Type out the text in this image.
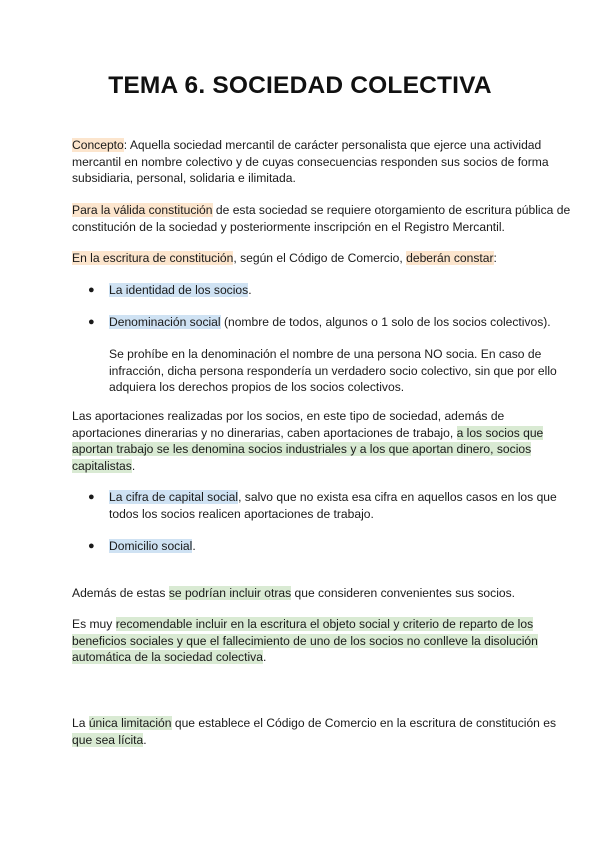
TEMA 6. SOCIEDAD COLECTIVA

Concepto: Aquella sociedad mercantil de carácter personalista que ejerce una actividad mercantil en nombre colectivo y de cuyas consecuencias responden sus socios de forma subsidiaria, personal, solidaria e ilimitada.

Para la válida constitución de esta sociedad se requiere otorgamiento de escritura pública de constitución de la sociedad y posteriormente inscripción en el Registro Mercantil.

En la escritura de constitución, según el Código de Comercio, deberán constar:

● La identidad de los socios.

● Denominación social (nombre de todos, algunos o 1 solo de los socios colectivos).

Se prohíbe en la denominación el nombre de una persona NO socia. En caso de infracción, dicha persona respondería un verdadero socio colectivo, sin que por ello adquiera los derechos propios de los socios colectivos.

Las aportaciones realizadas por los socios, en este tipo de sociedad, además de aportaciones dinerarias y no dinerarias, caben aportaciones de trabajo, a los socios que aportan trabajo se les denomina socios industriales y a los que aportan dinero, socios capitalistas.

● La cifra de capital social, salvo que no exista esa cifra en aquellos casos en los que todos los socios realicen aportaciones de trabajo.

● Domicilio social.

Además de estas se podrían incluir otras que consideren convenientes sus socios.

Es muy recomendable incluir en la escritura el objeto social y criterio de reparto de los beneficios sociales y que el fallecimiento de uno de los socios no conlleve la disolución automática de la sociedad colectiva.

La única limitación que establece el Código de Comercio en la escritura de constitución es que sea lícita.
